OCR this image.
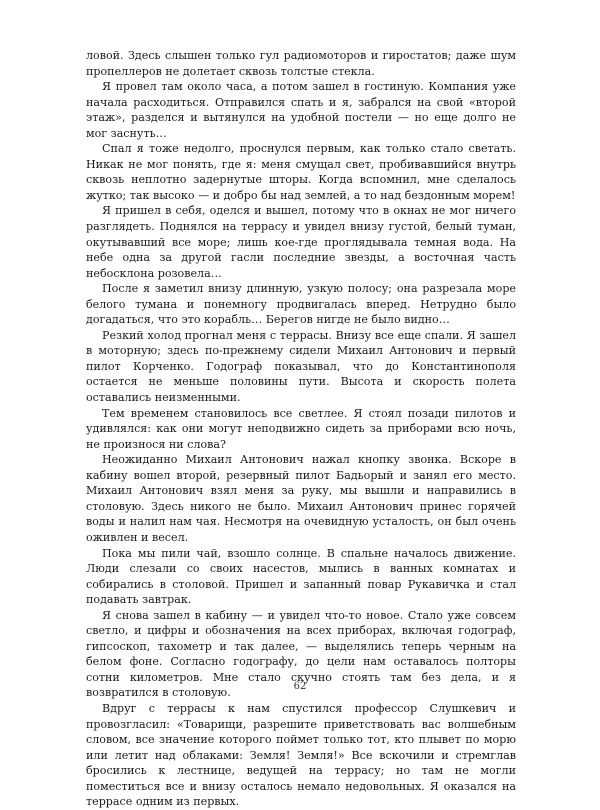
ловой. Здесь слышен только гул радиомоторов и гиростатов; даже шум пропеллеров не долетает сквозь толстые стекла.

Я провел там около часа, а потом зашел в гостиную. Компания уже начала расходиться. Отправился спать и я, забрался на свой «второй этаж», разделся и вытянулся на удобной постели — но еще долго не мог заснуть…

Спал я тоже недолго, проснулся первым, как только стало светать. Никак не мог понять, где я: меня смущал свет, пробивавшийся внутрь сквозь неплотно задернутые шторы. Когда вспомнил, мне сделалось жутко; так высоко — и добро бы над землей, а то над бездонным морем!

Я пришел в себя, оделся и вышел, потому что в окнах не мог ничего разглядеть. Поднялся на террасу и увидел внизу густой, белый туман, окутывавший все море; лишь кое-где проглядывала темная вода. На небе одна за другой гасли последние звезды, а восточная часть небосклона розовела…

После я заметил внизу длинную, узкую полосу; она разрезала море белого тумана и понемногу продвигалась вперед. Нетрудно было догадаться, что это корабль… Берегов нигде не было видно…

Резкий холод прогнал меня с террасы. Внизу все еще спали. Я зашел в моторную; здесь по-прежнему сидели Михаил Антонович и первый пилот Корченко. Годограф показывал, что до Константинополя остается не меньше половины пути. Высота и скорость полета оставались неизменными.

Тем временем становилось все светлее. Я стоял позади пилотов и удивлялся: как они могут неподвижно сидеть за приборами всю ночь, не произнося ни слова?

Неожиданно Михаил Антонович нажал кнопку звонка. Вскоре в кабину вошел второй, резервный пилот Бадьорый и занял его место. Михаил Антонович взял меня за руку, мы вышли и направились в столовую. Здесь никого не было. Михаил Антонович принес горячей воды и налил нам чая. Несмотря на очевидную усталость, он был очень оживлен и весел.

Пока мы пили чай, взошло солнце. В спальне началось движение. Люди слезали со своих насестов, мылись в ванных комнатах и собирались в столовой. Пришел и запанный повар Рукавичка и стал подавать завтрак.

Я снова зашел в кабину — и увидел что-то новое. Стало уже совсем светло, и цифры и обозначения на всех приборах, включая годограф, гипсоскоп, тахометр и так далее, — выделялись теперь черным на белом фоне. Согласно годографу, до цели нам оставалось полторы сотни километров. Мне стало скучно стоять там без дела, и я возвратился в столовую.

Вдруг с террасы к нам спустился профессор Слушкевич и провозгласил: «Товарищи, разрешите приветствовать вас волшебным словом, все значение которого поймет только тот, кто плывет по морю или летит над облаками: Земля! Земля!» Все вскочили и стремглав бросились к лестнице, ведущей на террасу; но там не могли поместиться все и внизу осталось немало недовольных. Я оказался на террасе одним из первых.

62
